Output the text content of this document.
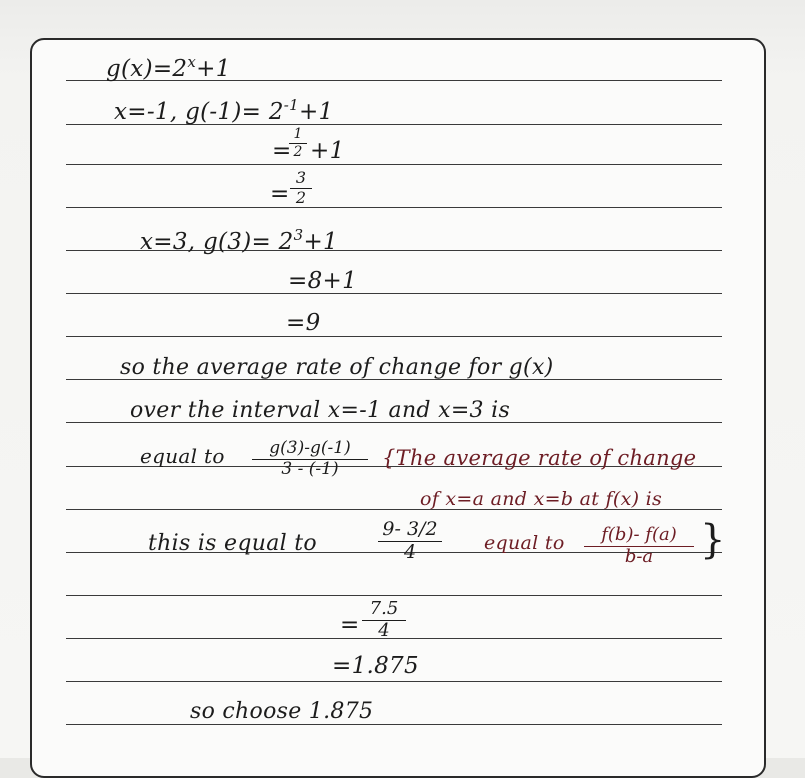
$g(x)=2^x+1$
x=-1, $g(-1)= 2^{-1}+1$
=
1
2 +1
=
3
2
x=3, $g(3)= 2^3+1$
=8+1
=9
so the average rate of change for g(x)
over the interval x=-1 and x=3 is
equal to	g(3)-g(-1)
3 - (-1)	{The average rate of change
of x=a and x=b at f(x) is
equal to	f(b)- f(a)
b-a	}
this is equal to
9- 3/2
4
=
7.5
4
=1.875
so choose 1.875
